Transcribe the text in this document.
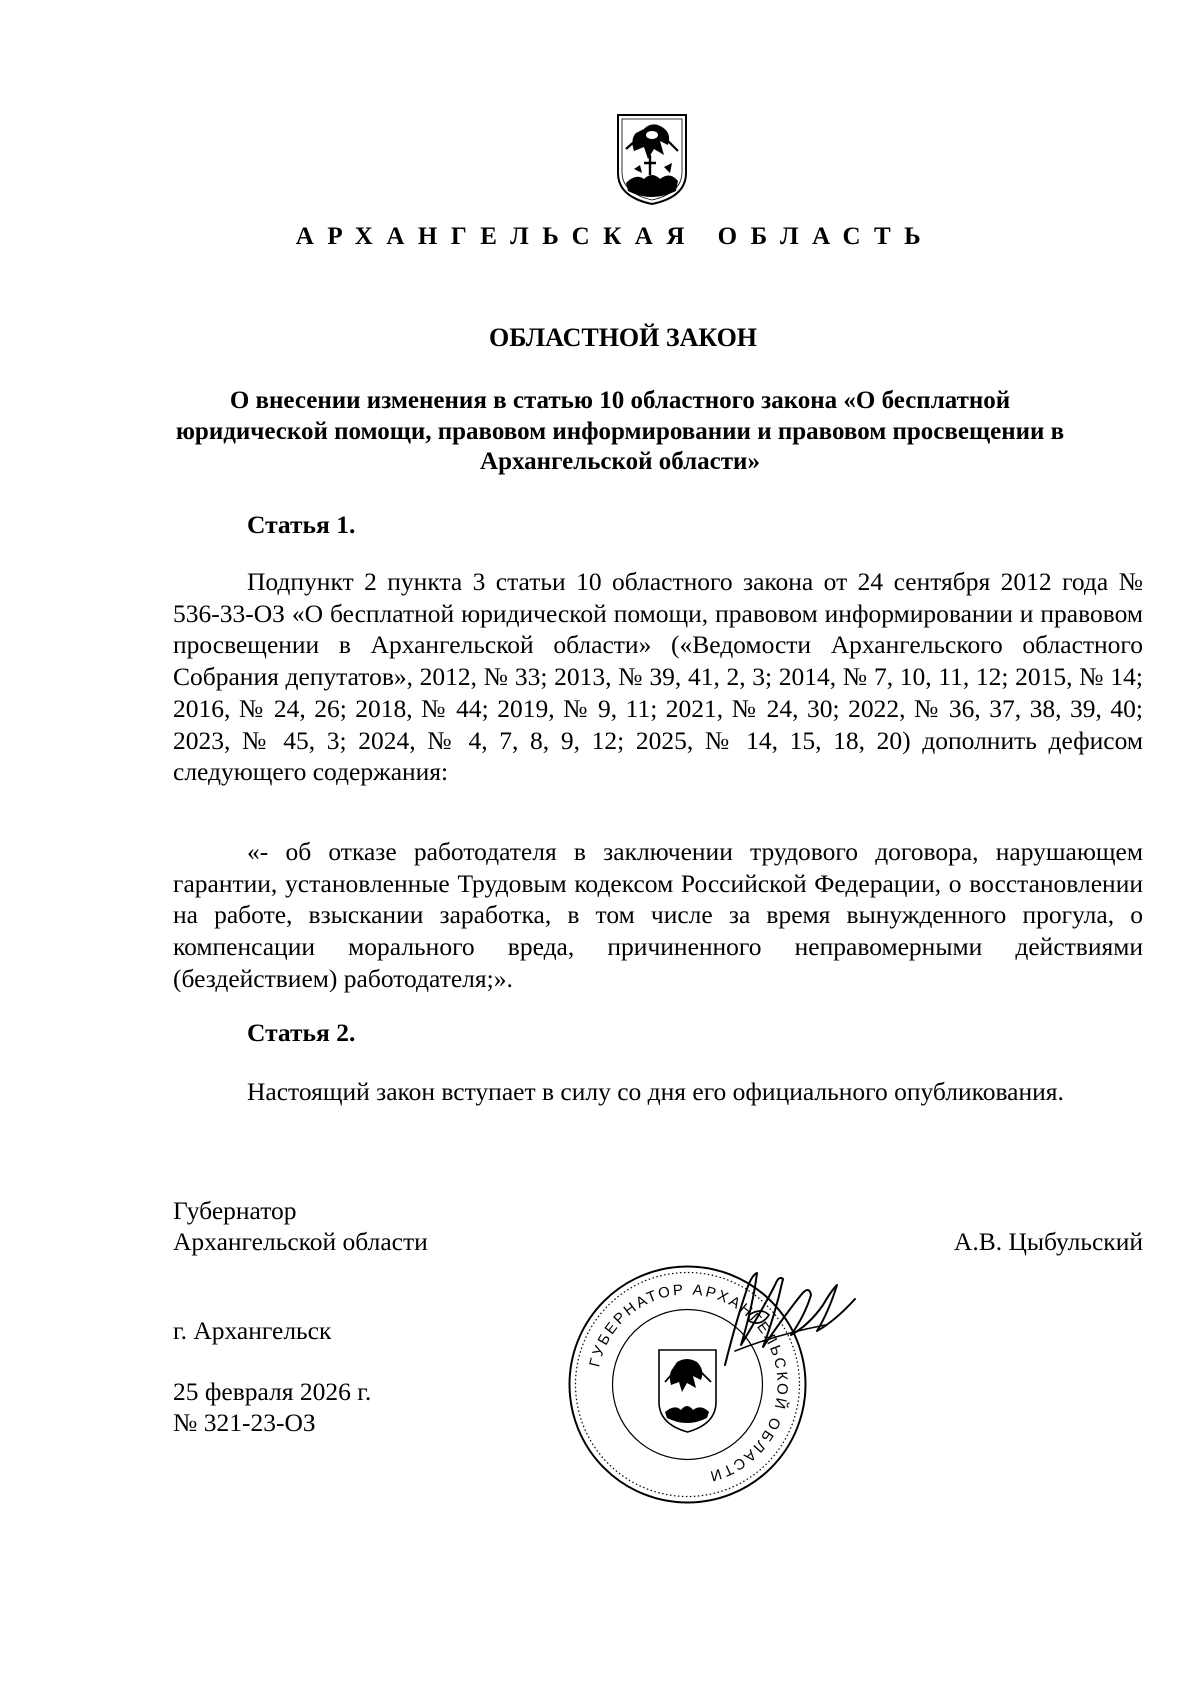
АРХАНГЕЛЬСКАЯ ОБЛАСТЬ
ОБЛАСТНОЙ ЗАКОН
О внесении изменения в статью 10 областного закона «О бесплатной юридической помощи, правовом информировании и правовом просвещении в Архангельской области»
Статья 1.

Подпункт 2 пункта 3 статьи 10 областного закона от 24 сентября 2012 года № 536-33-ОЗ «О бесплатной юридической помощи, правовом информировании и правовом просвещении в Архангельской области» («Ведомости Архангельского областного Собрания депутатов», 2012, № 33; 2013, № 39, 41, 2, 3; 2014, № 7, 10, 11, 12; 2015, № 14; 2016, № 24, 26; 2018, № 44; 2019, № 9, 11; 2021, № 24, 30; 2022, № 36, 37, 38, 39, 40; 2023, № 45, 3; 2024, № 4, 7, 8, 9, 12; 2025, № 14, 15, 18, 20) дополнить дефисом следующего содержания:

«- об отказе работодателя в заключении трудового договора, нарушающем гарантии, установленные Трудовым кодексом Российской Федерации, о восстановлении на работе, взыскании заработка, в том числе за время вынужденного прогула, о компенсации морального вреда, причиненного неправомерными действиями (бездействием) работодателя;».

Статья 2.

Настоящий закон вступает в силу со дня его официального опубликования.

Губернатор
Архангельской области	А.В. Цыбульский
ГУБЕРНАТОР АРХАНГЕЛЬСКОЙ ОБЛАСТИ
г. Архангельск
25 февраля 2026 г.
№ 321-23-ОЗ
